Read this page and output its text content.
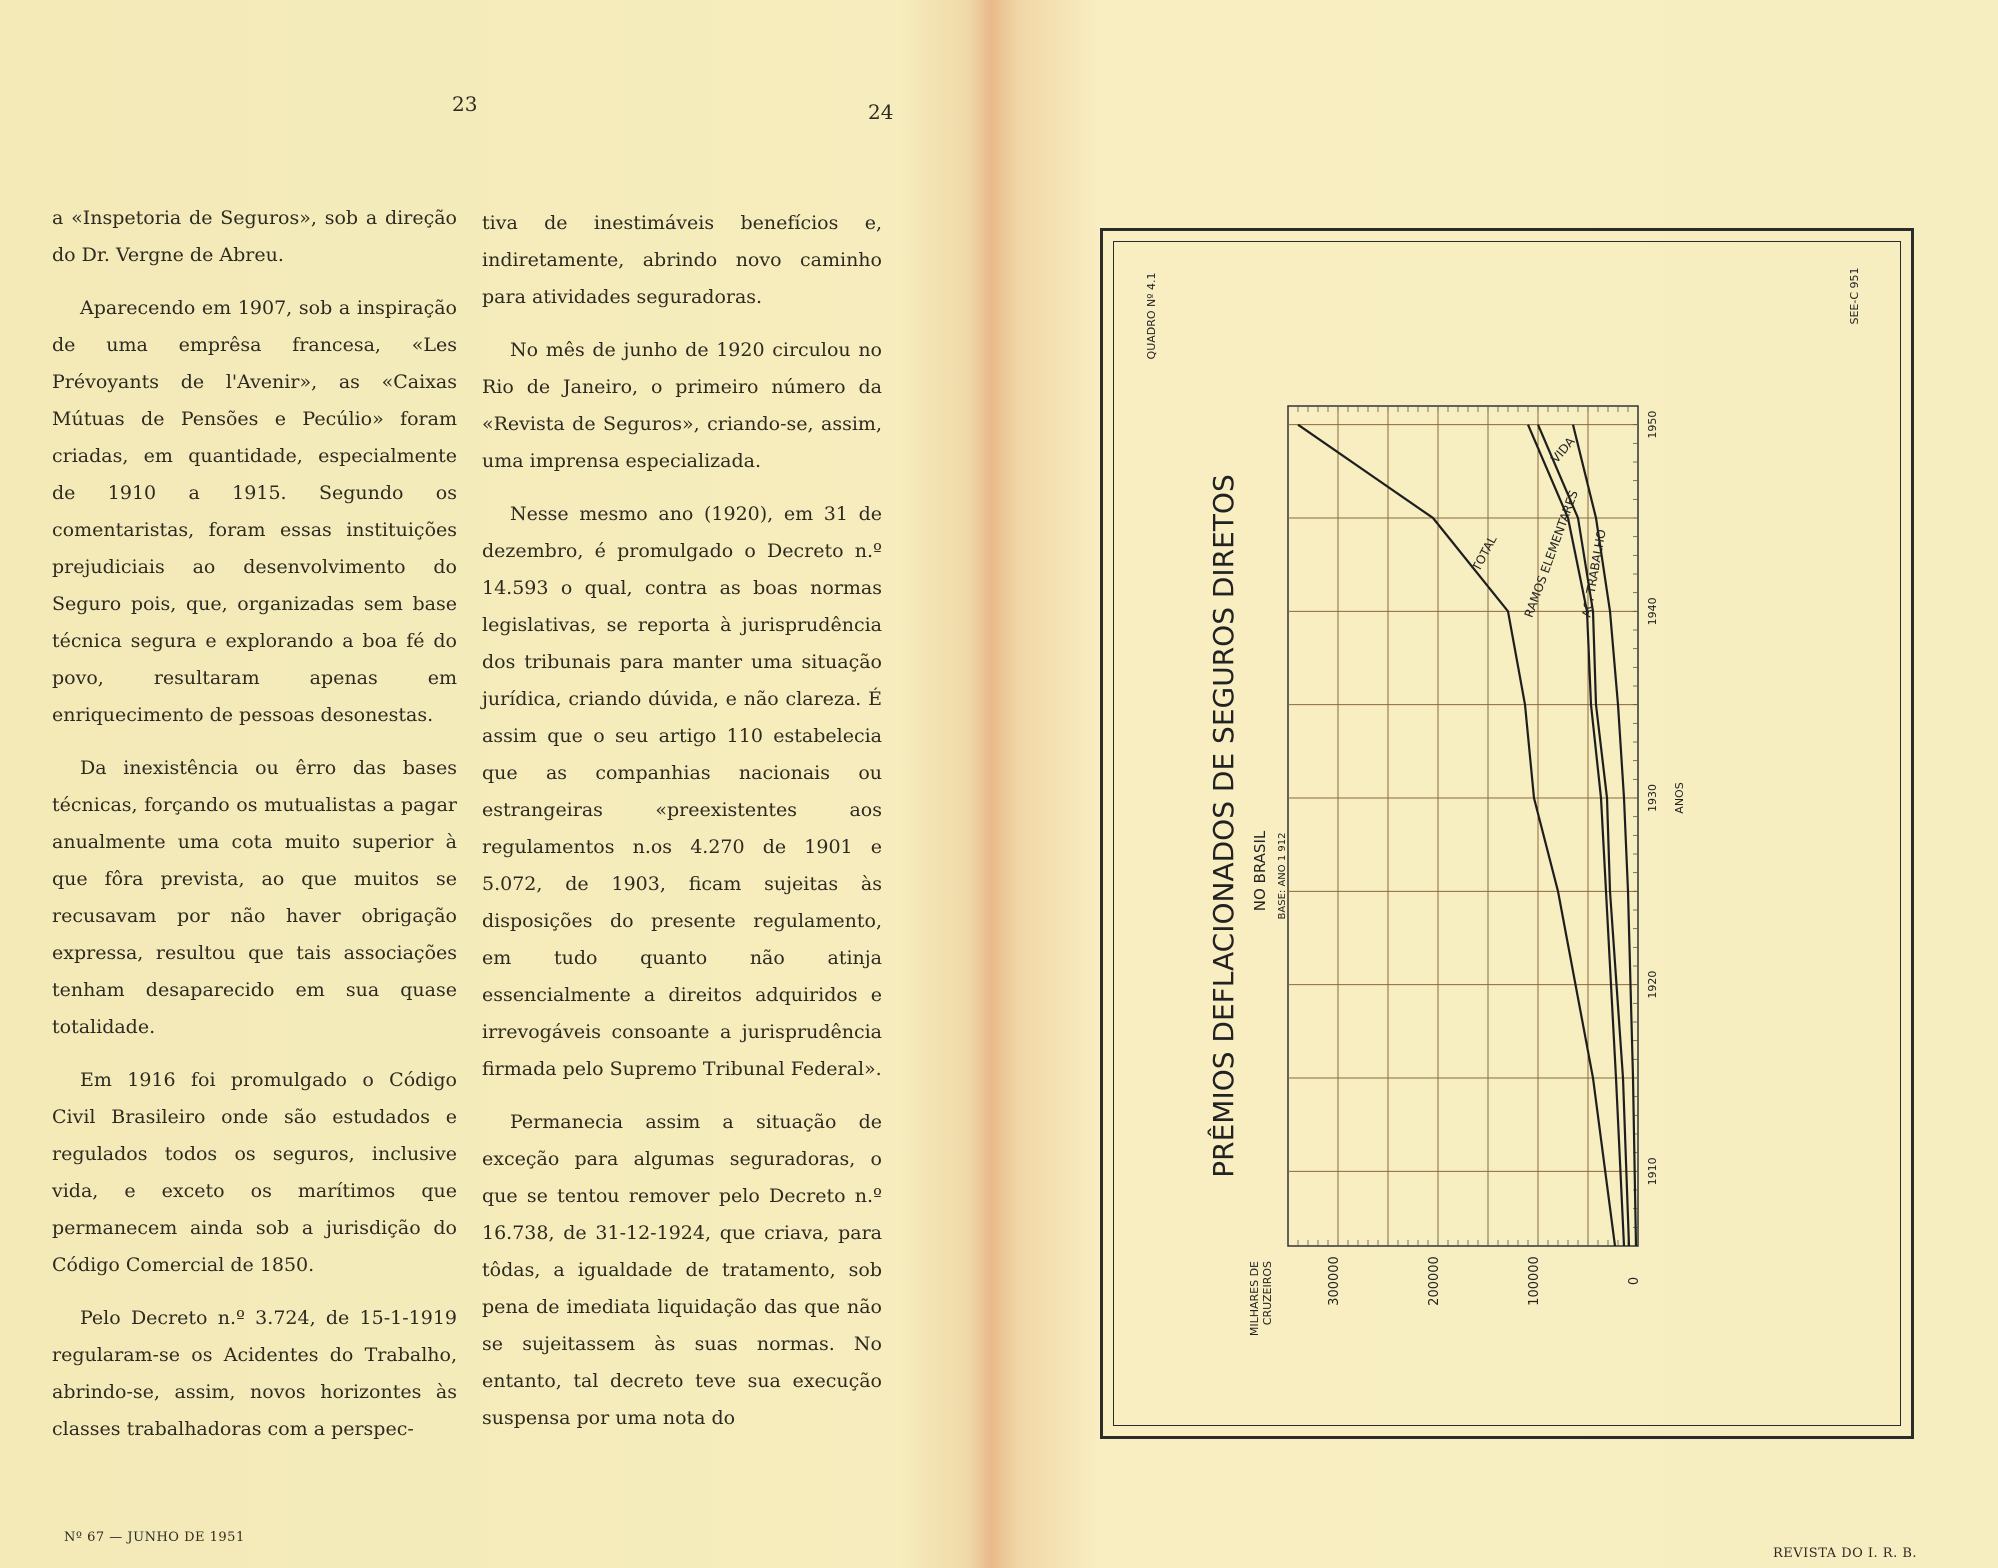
23	24

a «Inspetoria de Seguros», sob a direção do Dr. Vergne de Abreu.

Aparecendo em 1907, sob a inspiração de uma emprêsa francesa, «Les Prévoyants de l'Avenir», as «Caixas Mútuas de Pensões e Pecúlio» foram criadas, em quantidade, especialmente de 1910 a 1915. Segundo os comentaristas, foram essas instituições prejudiciais ao desenvolvimento do Seguro pois, que, organizadas sem base técnica segura e explorando a boa fé do povo, resultaram apenas em enriquecimento de pessoas desonestas.

Da inexistência ou êrro das bases técnicas, forçando os mutualistas a pagar anualmente uma cota muito superior à que fôra prevista, ao que muitos se recusavam por não haver obrigação expressa, resultou que tais associações tenham desaparecido em sua quase totalidade.

Em 1916 foi promulgado o Código Civil Brasileiro onde são estudados e regulados todos os seguros, inclusive vida, e exceto os marítimos que permanecem ainda sob a jurisdição do Código Comercial de 1850.

Pelo Decreto n.º 3.724, de 15-1-1919 regularam-se os Acidentes do Trabalho, abrindo-se, assim, novos horizontes às classes trabalhadoras com a perspec-

tiva de inestimáveis benefícios e, indiretamente, abrindo novo caminho para atividades seguradoras.

No mês de junho de 1920 circulou no Rio de Janeiro, o primeiro número da «Revista de Seguros», criando-se, assim, uma imprensa especializada.

Nesse mesmo ano (1920), em 31 de dezembro, é promulgado o Decreto n.º 14.593 o qual, contra as boas normas legislativas, se reporta à jurisprudência dos tribunais para manter uma situação jurídica, criando dúvida, e não clareza. É assim que o seu artigo 110 estabelecia que as companhias nacionais ou estrangeiras «preexistentes aos regulamentos n.os 4.270 de 1901 e 5.072, de 1903, ficam sujeitas às disposições do presente regulamento, em tudo quanto não atinja essencialmente a direitos adquiridos e irrevogáveis consoante a jurisprudência firmada pelo Supremo Tribunal Federal».

Permanecia assim a situação de exceção para algumas seguradoras, o que se tentou remover pelo Decreto n.º 16.738, de 31-12-1924, que criava, para tôdas, a igualdade de tratamento, sob pena de imediata liquidação das que não se sujeitassem às suas normas. No entanto, tal decreto teve sua execução suspensa por uma nota do

Nº 67 — JUNHO DE 1951
TOTAL RAMOS ELEMENTARES
VIDA
AC. TRABALHO
1910
1920
1930
1940
1950
ANOS
0
100000
200000
300000
MILHARES DE CRUZEIROS
PRÊMIOS DEFLACIONADOS DE SEGUROS DIRETOS NO BRASIL BASE: ANO 1 912
QUADRO Nº 4.1	SEE-C 951
REVISTA DO I. R. B.
